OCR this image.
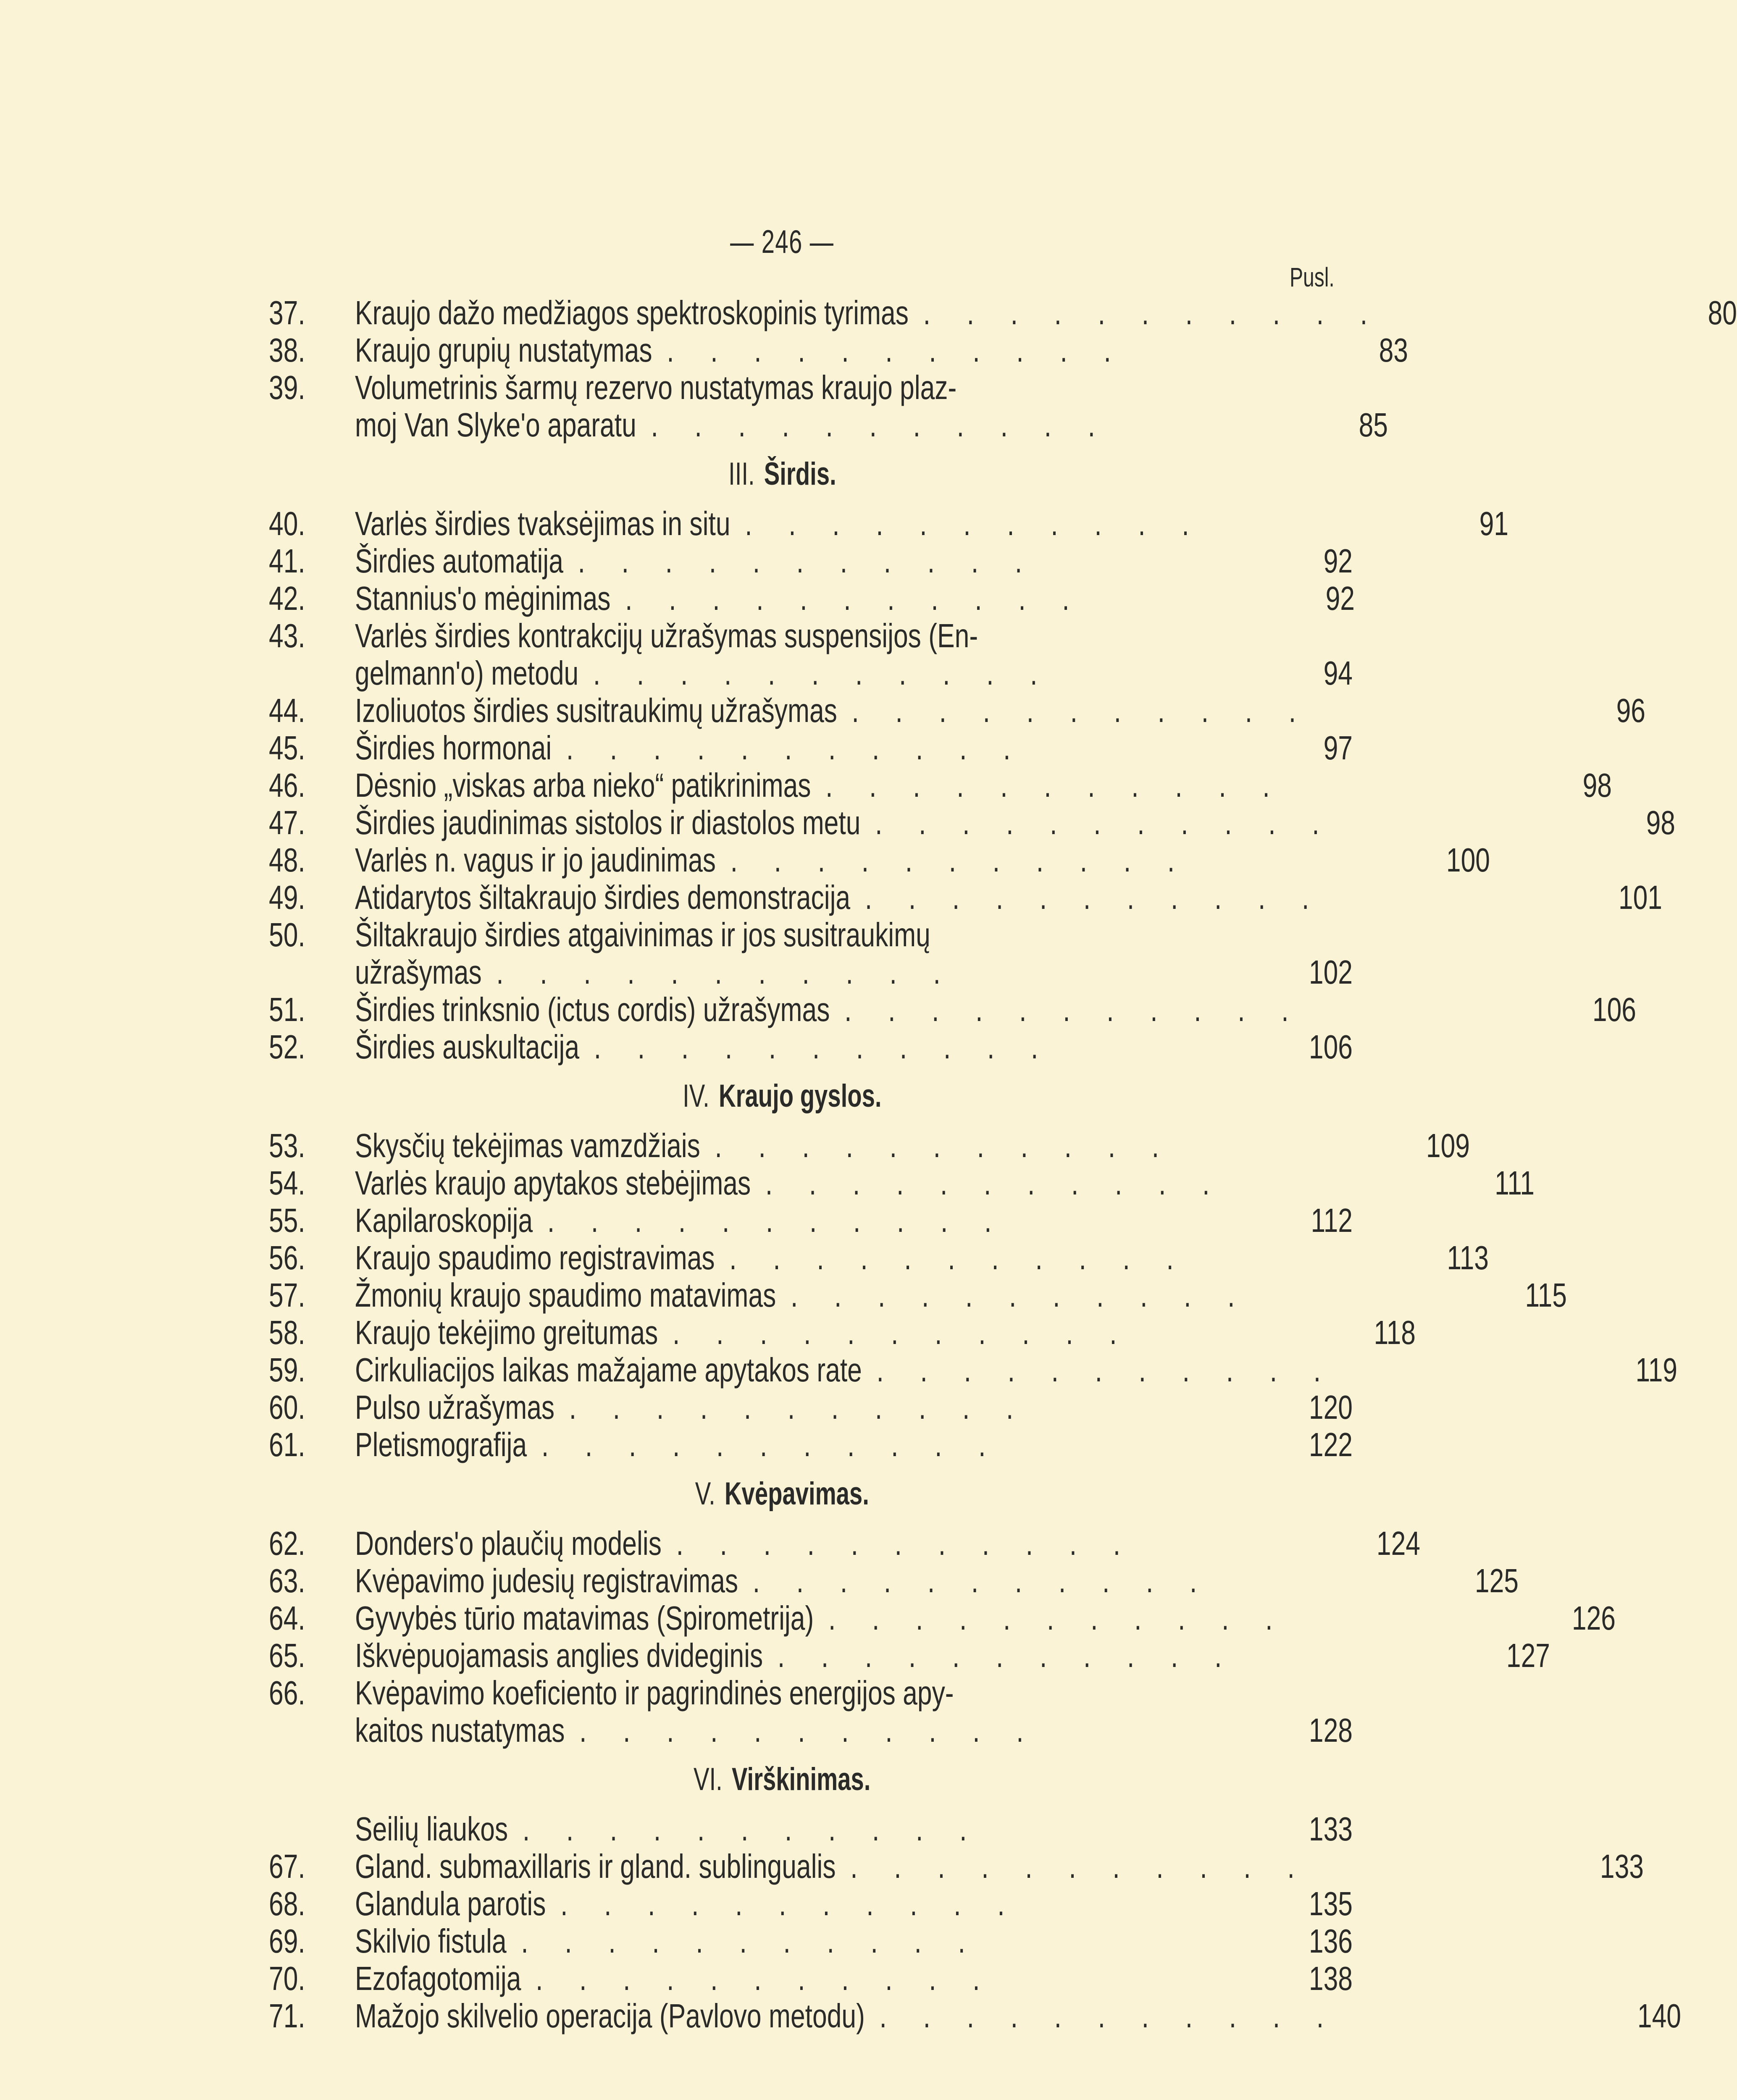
— 246 —
Pusl.
37.	Kraujo dažo medžiagos spektroskopinis tyrimas  .     .     .     .     .     .     .     .     .     .     .	80
38.	Kraujo grupių nustatymas  .     .     .     .     .     .     .     .     .     .     .	83
39.	Volumetrinis šarmų rezervo nustatymas kraujo plaz-
moj Van Slyke'o aparatu  .     .     .     .     .     .     .     .     .     .     .	85
III. Širdis.
40.	Varlės širdies tvaksėjimas in situ  .     .     .     .     .     .     .     .     .     .     .	91
41.	Širdies automatija  .     .     .     .     .     .     .     .     .     .     .	92
42.	Stannius'o mėginimas  .     .     .     .     .     .     .     .     .     .     .	92
43.	Varlės širdies kontrakcijų užrašymas suspensijos (En-
gelmann'o) metodu  .     .     .     .     .     .     .     .     .     .     .	94
44.	Izoliuotos širdies susitraukimų užrašymas  .     .     .     .     .     .     .     .     .     .     .	96
45.	Širdies hormonai  .     .     .     .     .     .     .     .     .     .     .	97
46.	Dėsnio „viskas arba nieko“ patikrinimas  .     .     .     .     .     .     .     .     .     .     .	98
47.	Širdies jaudinimas sistolos ir diastolos metu  .     .     .     .     .     .     .     .     .     .     .	98
48.	Varlės n. vagus ir jo jaudinimas  .     .     .     .     .     .     .     .     .     .     .	100
49.	Atidarytos šiltakraujo širdies demonstracija  .     .     .     .     .     .     .     .     .     .     .	101
50.	Šiltakraujo širdies atgaivinimas ir jos susitraukimų
užrašymas  .     .     .     .     .     .     .     .     .     .     .	102
51.	Širdies trinksnio (ictus cordis) užrašymas  .     .     .     .     .     .     .     .     .     .     .	106
52.	Širdies auskultacija  .     .     .     .     .     .     .     .     .     .     .	106
IV. Kraujo gyslos.
53.	Skysčių tekėjimas vamzdžiais  .     .     .     .     .     .     .     .     .     .     .	109
54.	Varlės kraujo apytakos stebėjimas  .     .     .     .     .     .     .     .     .     .     .	111
55.	Kapilaroskopija  .     .     .     .     .     .     .     .     .     .     .	112
56.	Kraujo spaudimo registravimas  .     .     .     .     .     .     .     .     .     .     .	113
57.	Žmonių kraujo spaudimo matavimas  .     .     .     .     .     .     .     .     .     .     .	115
58.	Kraujo tekėjimo greitumas  .     .     .     .     .     .     .     .     .     .     .	118
59.	Cirkuliacijos laikas mažajame apytakos rate  .     .     .     .     .     .     .     .     .     .     .	119
60.	Pulso užrašymas  .     .     .     .     .     .     .     .     .     .     .	120
61.	Pletismografija  .     .     .     .     .     .     .     .     .     .     .	122
V. Kvėpavimas.
62.	Donders'o plaučių modelis  .     .     .     .     .     .     .     .     .     .     .	124
63.	Kvėpavimo judesių registravimas  .     .     .     .     .     .     .     .     .     .     .	125
64.	Gyvybės tūrio matavimas (Spirometrija)  .     .     .     .     .     .     .     .     .     .     .	126
65.	Iškvėpuojamasis anglies dvideginis  .     .     .     .     .     .     .     .     .     .     .	127
66.	Kvėpavimo koeficiento ir pagrindinės energijos apy-
kaitos nustatymas  .     .     .     .     .     .     .     .     .     .     .	128
VI. Virškinimas.
Seilių liaukos  .     .     .     .     .     .     .     .     .     .     .	133
67.	Gland. submaxillaris ir gland. sublingualis  .     .     .     .     .     .     .     .     .     .     .	133
68.	Glandula parotis  .     .     .     .     .     .     .     .     .     .     .	135
69.	Skilvio fistula  .     .     .     .     .     .     .     .     .     .     .	136
70.	Ezofagotomija  .     .     .     .     .     .     .     .     .     .     .	138
71.	Mažojo skilvelio operacija (Pavlovo metodu)  .     .     .     .     .     .     .     .     .     .     .	140
